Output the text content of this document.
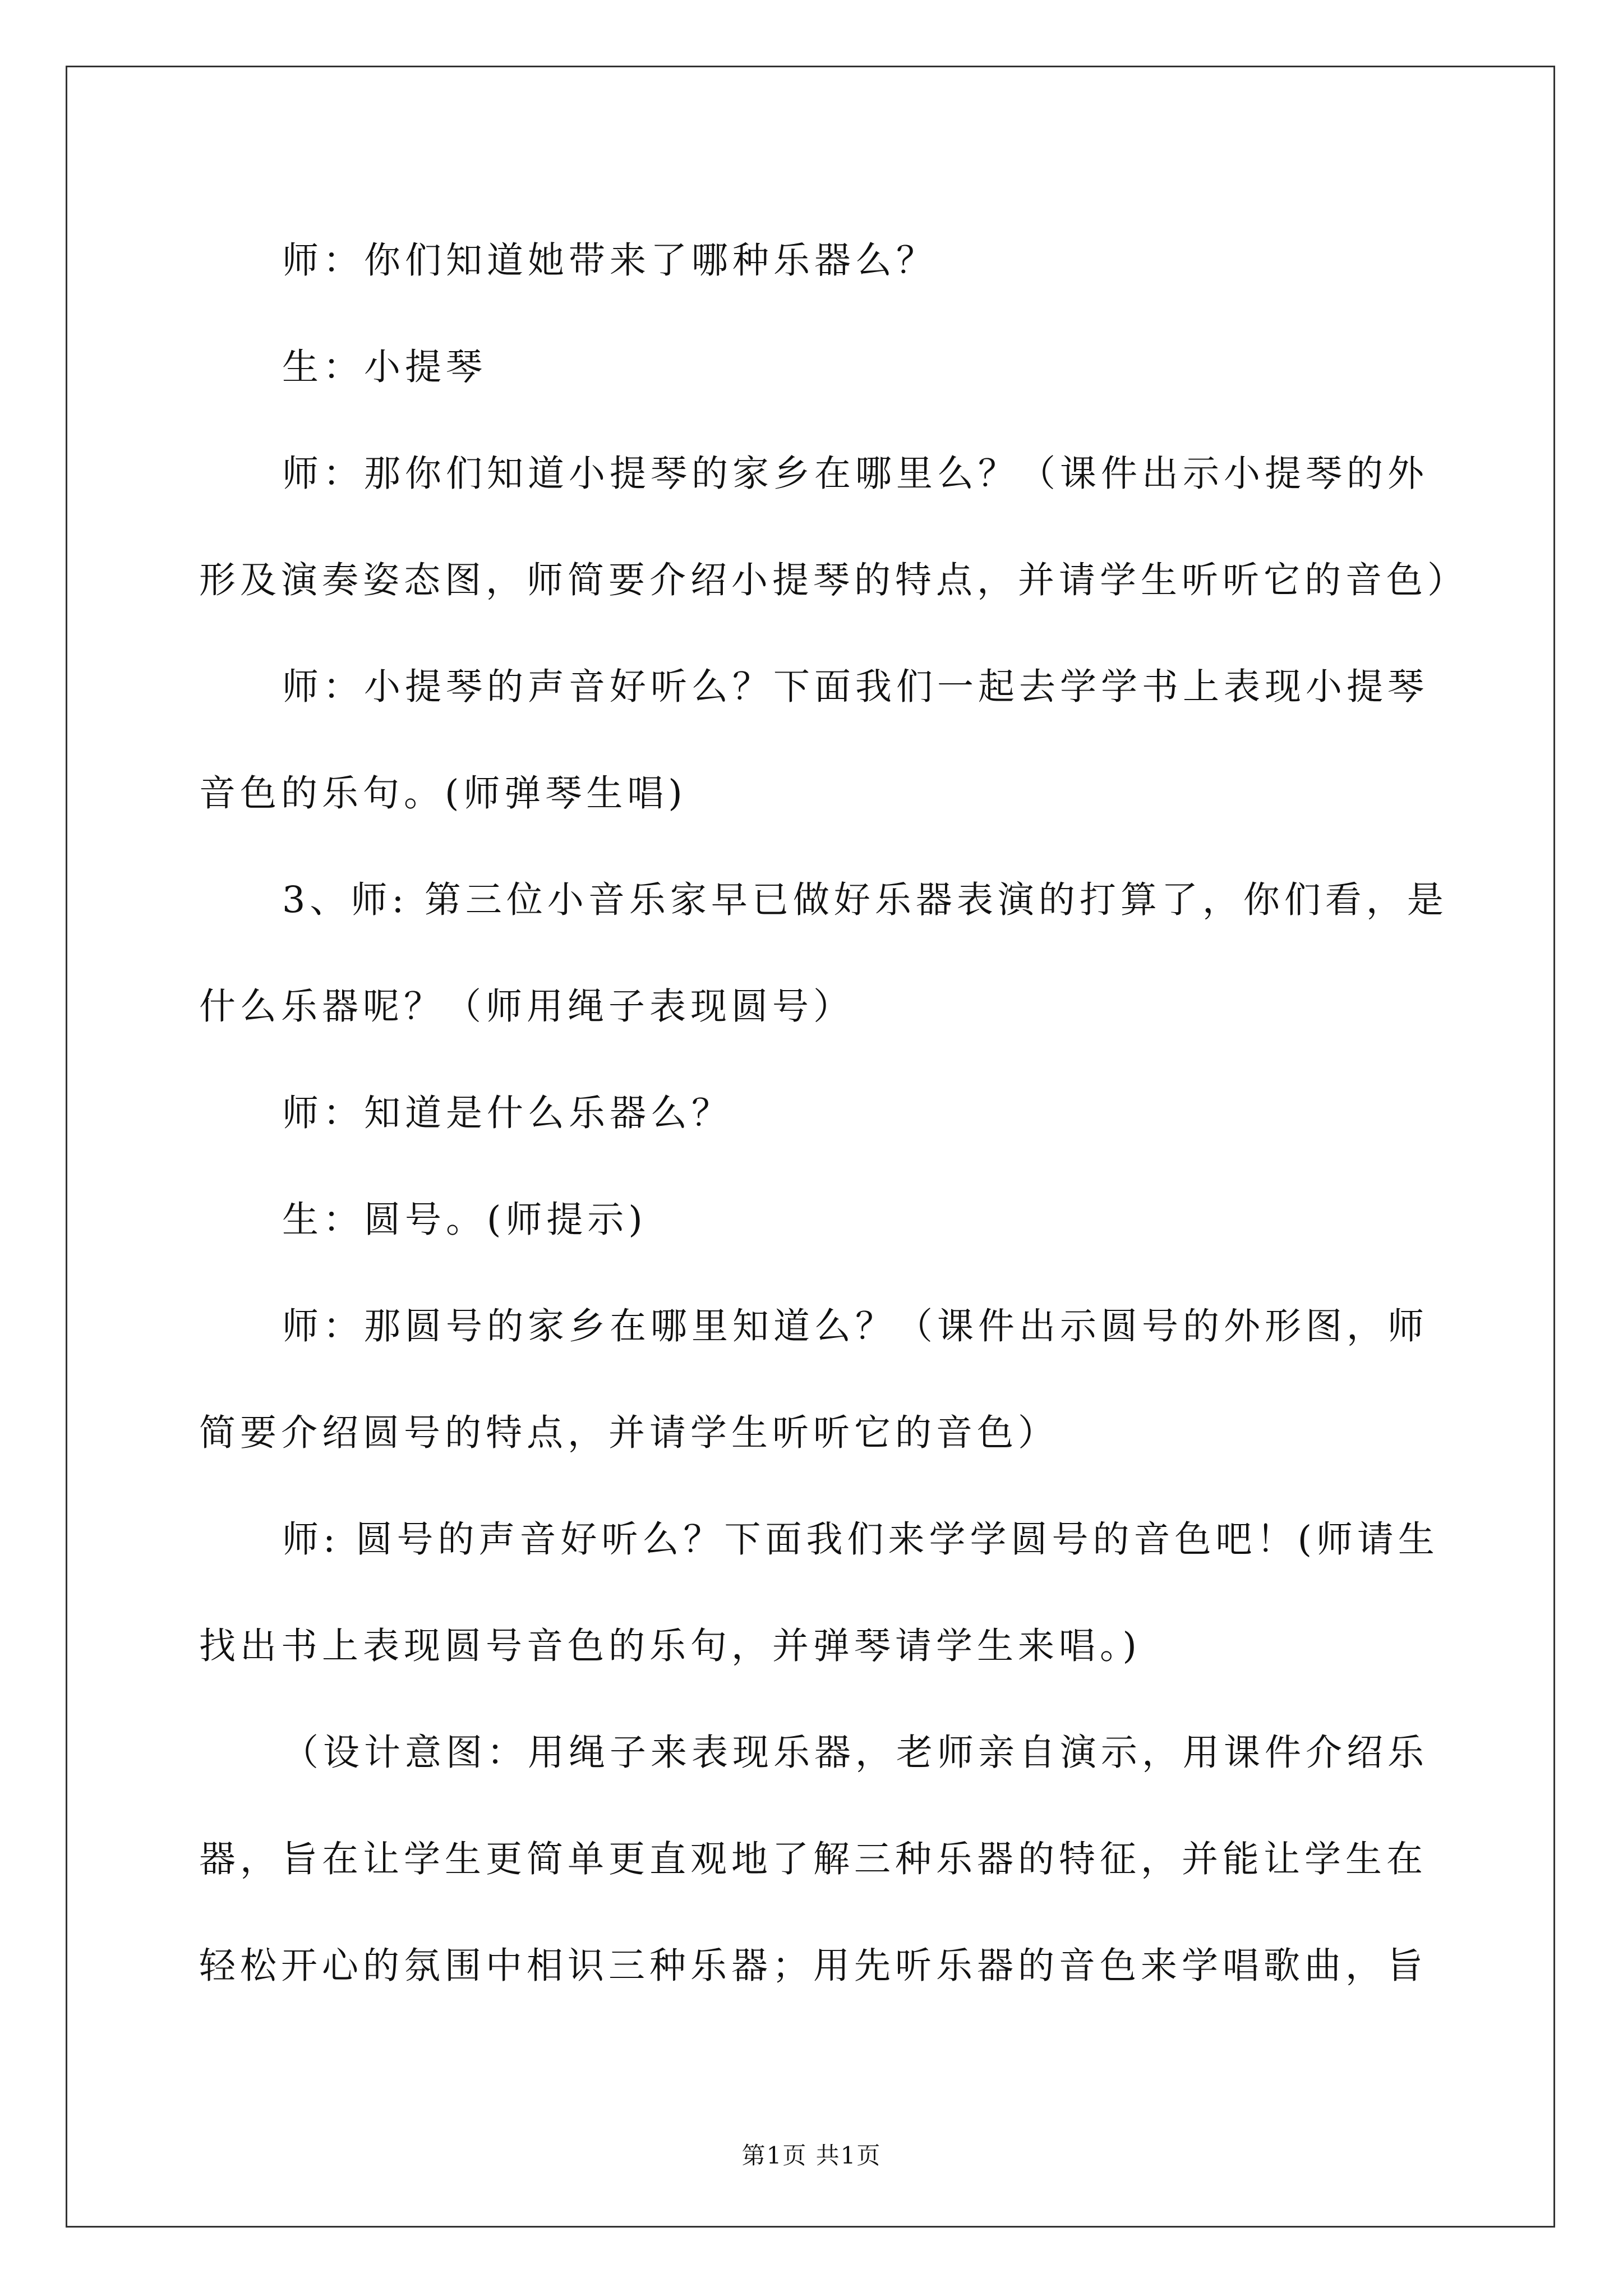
师：你们知道她带来了哪种乐器么？

生：小提琴

师：那你们知道小提琴的家乡在哪里么？（课件出示小提琴的外

形及演奏姿态图，师简要介绍小提琴的特点，并请学生听听它的音色）

师：小提琴的声音好听么？下面我们一起去学学书上表现小提琴

音色的乐句。(师弹琴生唱)

3、师: 第三位小音乐家早已做好乐器表演的打算了，你们看，是

什么乐器呢？（师用绳子表现圆号）

师：知道是什么乐器么？

生：圆号。(师提示)

师：那圆号的家乡在哪里知道么？（课件出示圆号的外形图，师

简要介绍圆号的特点，并请学生听听它的音色）

师: 圆号的声音好听么？下面我们来学学圆号的音色吧！(师请生

找出书上表现圆号音色的乐句，并弹琴请学生来唱。)

（设计意图：用绳子来表现乐器，老师亲自演示，用课件介绍乐

器，旨在让学生更简单更直观地了解三种乐器的特征，并能让学生在

轻松开心的氛围中相识三种乐器；用先听乐器的音色来学唱歌曲，旨

第1页 共1页
